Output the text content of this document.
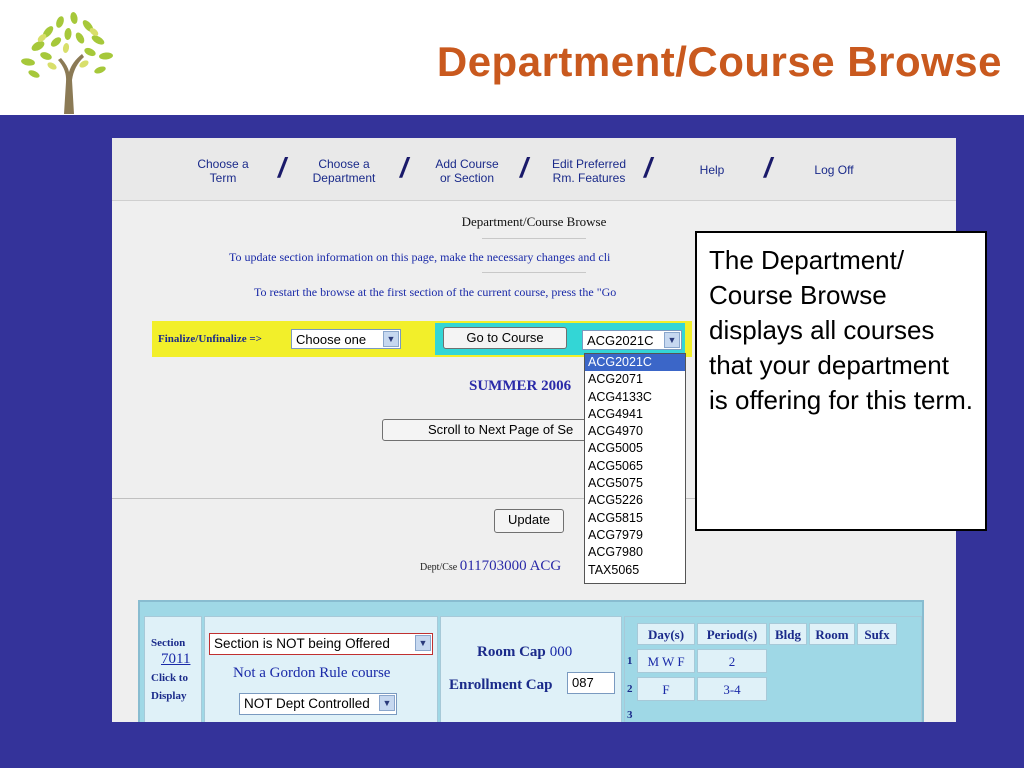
Department/Course Browse
Choose a
Term	/	Choose a
Department /	Add Course
or Section /	Edit Preferred
Rm. Features /	Help	/	Log Off
Department/Course Browse
To update section information on this page, make the necessary changes and cli
To restart the browse at the first section of the current course, press the "Go
Finalize/Unfinalize =>	Choose one	▼	Go to Course	ACG2021C	▼
ACG2021C
ACG2071
ACG4133C
ACG4941
ACG4970
ACG5005
ACG5065
ACG5075
ACG5226
ACG5815
ACG7979
ACG7980
TAX5065
SUMMER 2006
Scroll to Next Page of Se
Update
Dept/Cse 011703000 ACG
Section
7011
Click to
Display
Section is NOT being Offered	▼
Not a Gordon Rule course
NOT Dept Controlled	▼
Room Cap 000
Enrollment Cap	087
Day(s)	Period(s)	Bldg	Room	Sufx
1	M W F	2
2	F	3-4
3
The Department/ Course Browse displays all courses that your department is offering for this term.
